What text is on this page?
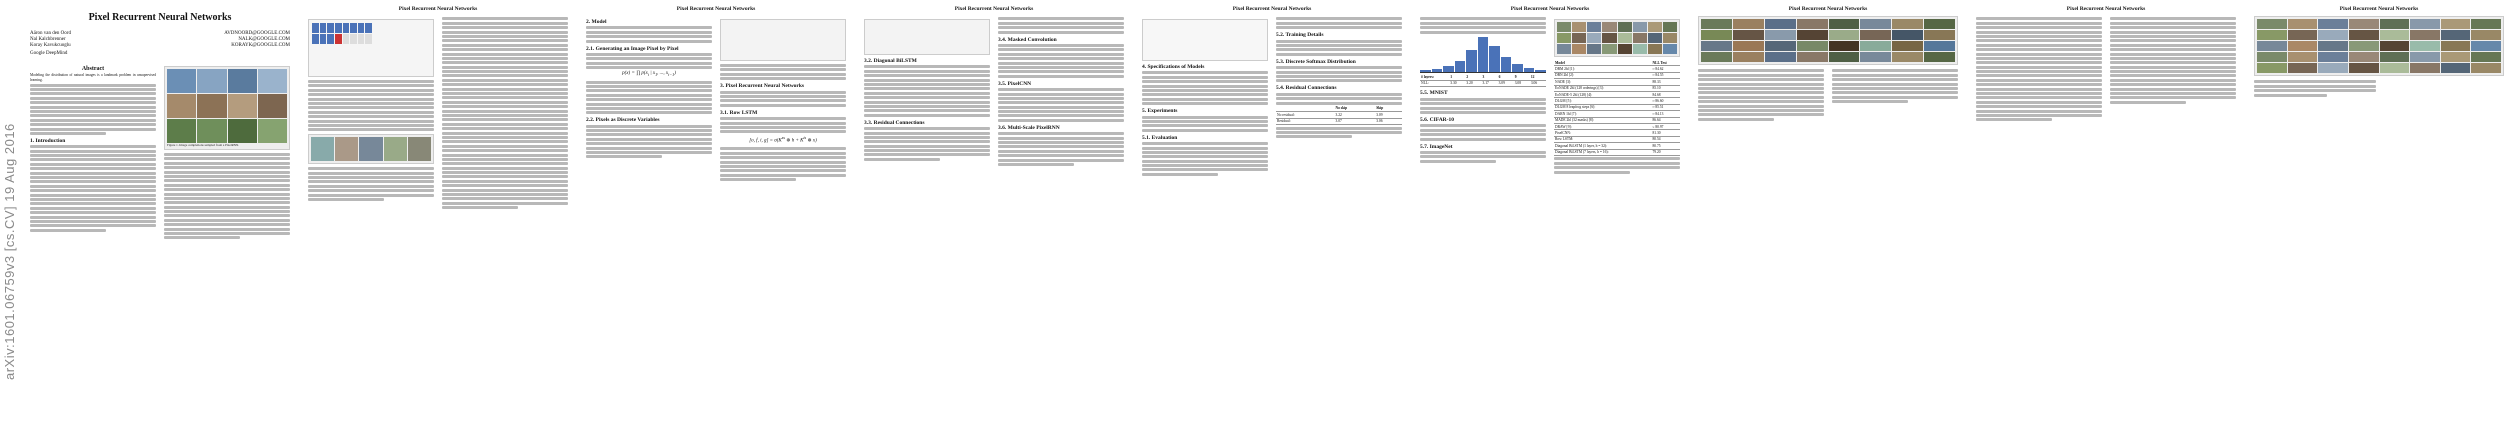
arXiv:1601.06759v3 [cs.CV] 19 Aug 2016
Pixel Recurrent Neural Networks
Aäron van den Oord
Nal Kalchbrenner
Koray Kavukcuoglu
Google DeepMind
AVDNOORD@GOOGLE.COM
NALK@GOOGLE.COM
KORAYK@GOOGLE.COM
Abstract
Modeling the distribution of natural images is a landmark problem in unsupervised learning.
1. Introduction
Figure 1. Image completions sampled from a PixelRNN.
Pixel Recurrent Neural Networks	Pixel Recurrent Neural Networks
2. Model
2.1. Generating an Image Pixel by Pixel
p(x) = ∏ $p(x_i$ | $x_1$, ..., $x_{i-1}$)
2.2. Pixels as Discrete Variables
3. Pixel Recurrent Neural Networks
3.1. Row LSTM
[o, f, i, $g] = \sigma(K^{ss}$ ⊛ $h + K^{is}$ ⊛ x)
Pixel Recurrent Neural Networks
3.2. Diagonal BiLSTM
3.3. Residual Connections
3.4. Masked Convolution
3.5. PixelCNN
3.6. Multi-Scale PixelRNN
Pixel Recurrent Neural Networks
4. Specifications of Models
5. Experiments
5.1. Evaluation
5.2. Training Details
5.3. Discrete Softmax Distribution
5.4. Residual Connections
	No skip	Skip
No residual:	3.22	3.09
Residual:	3.07	3.06
Pixel Recurrent Neural Networks
# layers:	1	2	3	6	9	12
NLL:	3.30	3.20	3.17	3.09	3.08	3.06
5.5. MNIST
5.6. CIFAR-10
5.7. ImageNet
Model	NLL Test
DBM 2hl [1]:	≈ 84.62
DBN 2hl [2]:	≈ 84.55
NADE [3]:	88.33
EoNADE 2hl (128 orderings) [3]:	85.10
EoNADE-5 2hl (128) [4]:	84.68
DLGM [5]:	≈ 86.60
DLGM 8 leapfrog steps [6]:	≈ 85.51
DARN 1hl [7]:	≈ 84.13
MADE 2hl (32 masks) [8]:	86.64
DRAW [9]:	≤ 80.97
PixelCNN:	81.30
Row LSTM:	80.54
Diagonal BiLSTM (1 layer, h = 32):	80.75
Diagonal BiLSTM (7 layers, h = 16):	79.20
Pixel Recurrent Neural Networks	Pixel Recurrent Neural Networks	Pixel Recurrent Neural Networks
